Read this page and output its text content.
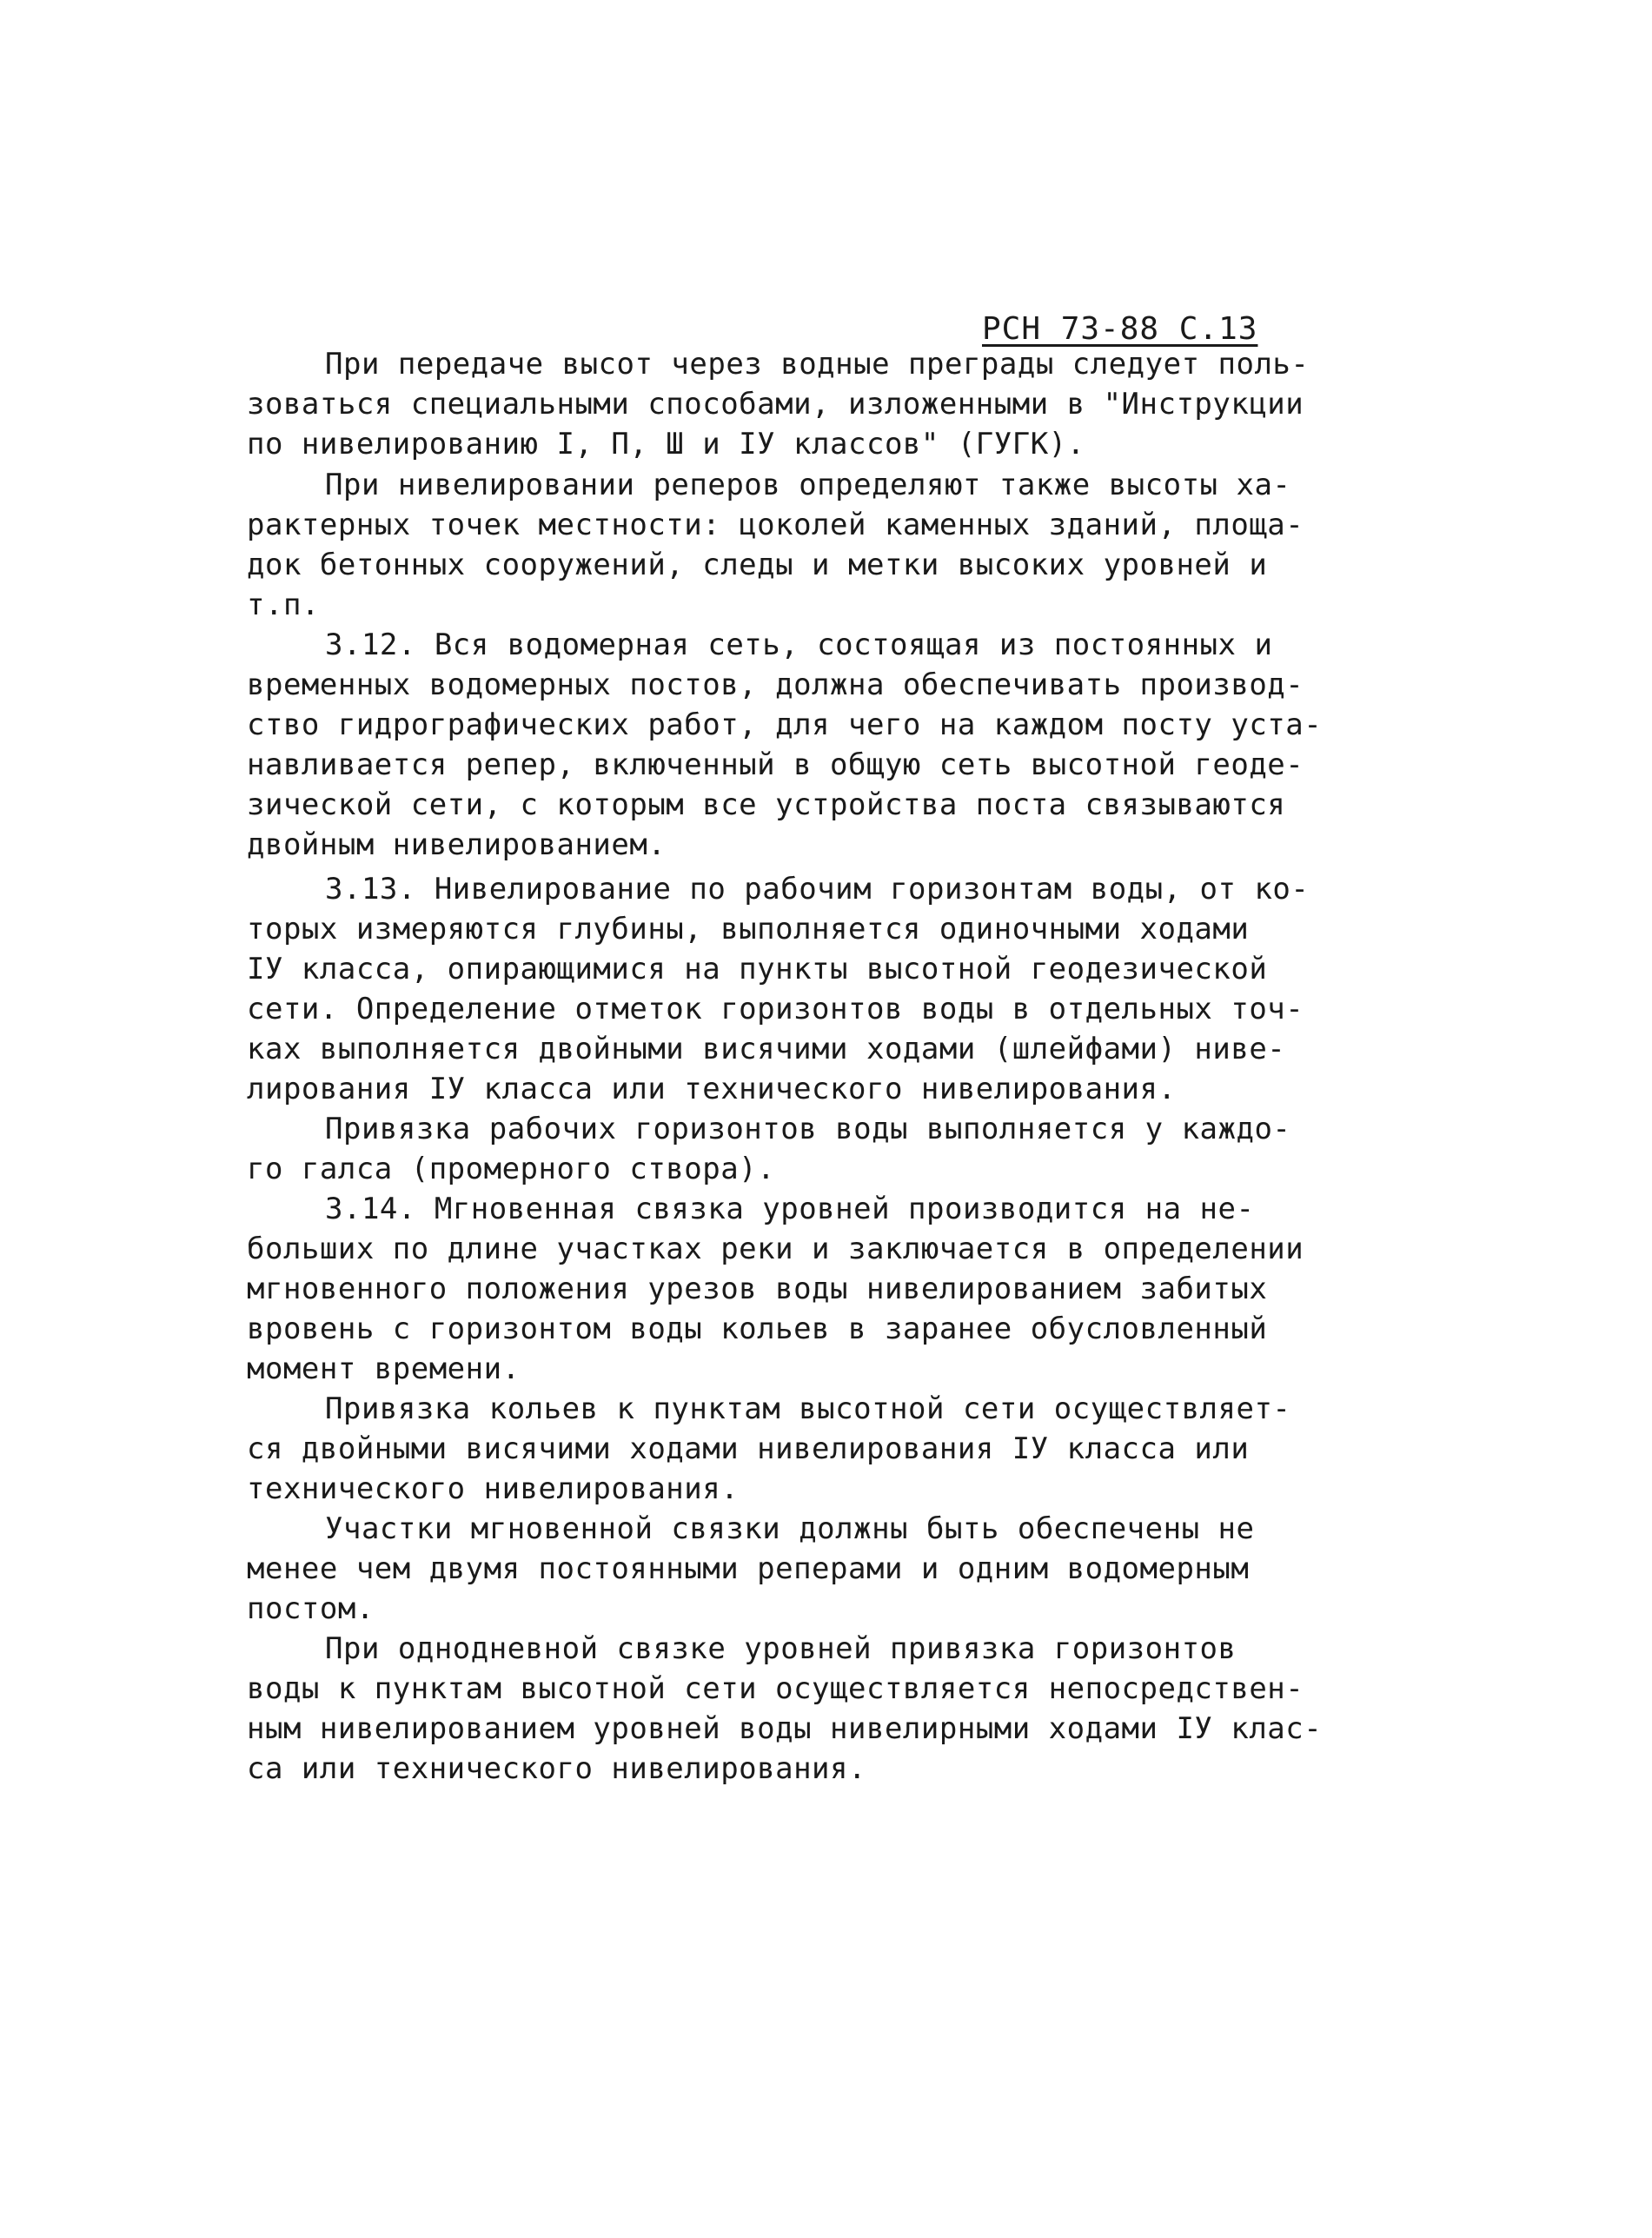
РСН 73-88 С.13
При передаче высот через водные преграды следует поль-
зоваться специальными способами, изложенными в "Инструкции
по нивелированию I, П, Ш и IУ классов" (ГУГК).
При нивелировании реперов определяют также высоты ха-
рактерных точек местности: цоколей каменных зданий, площа-
док бетонных сооружений, следы и метки высоких уровней и
т.п.
3.12. Вся водомерная сеть, состоящая из постоянных и
временных водомерных постов, должна обеспечивать производ-
ство гидрографических работ, для чего на каждом посту уста-
навливается репер, включенный в общую сеть высотной геоде-
зической сети, с которым все устройства поста связываются
двойным нивелированием.
3.13. Нивелирование по рабочим горизонтам воды, от ко-
торых измеряются глубины, выполняется одиночными ходами
IУ класса, опирающимися на пункты высотной геодезической
сети. Определение отметок горизонтов воды в отдельных точ-
ках выполняется двойными висячими ходами (шлейфами) ниве-
лирования IУ класса или технического нивелирования.
Привязка рабочих горизонтов воды выполняется у каждо-
го галса (промерного створа).
3.14. Мгновенная связка уровней производится на не-
больших по длине участках реки и заключается в определении
мгновенного положения урезов воды нивелированием забитых
вровень с горизонтом воды кольев в заранее обусловленный
момент времени.
Привязка кольев к пунктам высотной сети осуществляет-
ся двойными висячими ходами нивелирования IУ класса или
технического нивелирования.
Участки мгновенной связки должны быть обеспечены не
менее чем двумя постоянными реперами и одним водомерным
постом.
При однодневной связке уровней привязка горизонтов
воды к пунктам высотной сети осуществляется непосредствен-
ным нивелированием уровней воды нивелирными ходами IУ клас-
са или технического нивелирования.
